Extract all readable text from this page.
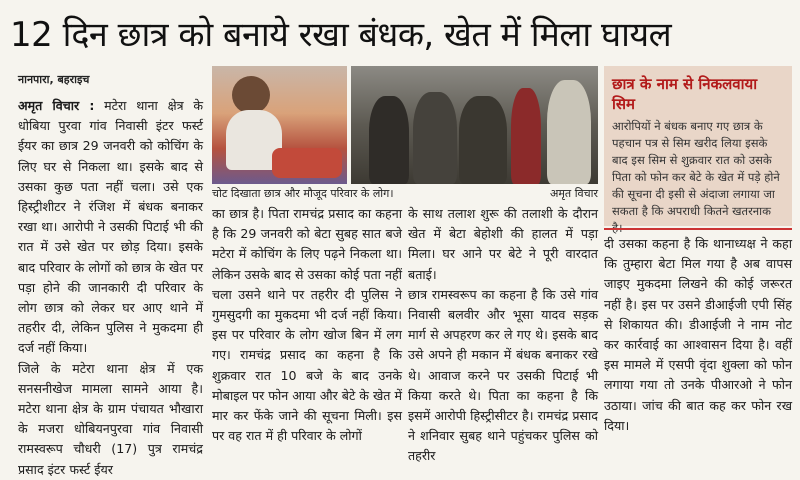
12 दिन छात्र को बनाये रखा बंधक, खेत में मिला घायल
नानपारा, बहराइच

अमृत विचार : मटेरा थाना क्षेत्र के धोबिया पुरवा गांव निवासी इंटर फर्स्ट ईयर का छात्र 29 जनवरी को कोचिंग के लिए घर से निकला था। इसके बाद से उसका कुछ पता नहीं चला। उसे एक हिस्ट्रीशीटर ने रंजिश में बंधक बनाकर रखा था। आरोपी ने उसकी पिटाई भी की रात में उसे खेत पर छोड़ दिया। इसके बाद परिवार के लोगों को छात्र के खेत पर पड़ा होने की जानकारी दी परिवार के लोग छात्र को लेकर घर आए थाने में तहरीर दी, लेकिन पुलिस ने मुकदमा ही दर्ज नहीं किया।

जिले के मटेरा थाना क्षेत्र में एक सनसनीखेज मामला सामने आया है। मटेरा थाना क्षेत्र के ग्राम पंचायत भौखारा के मजरा धोबियनपुरवा गांव निवासी रामस्वरूप चौधरी (17) पुत्र रामचंद्र प्रसाद इंटर फर्स्ट ईयर

चोट दिखाता छात्र और मौजूद परिवार के लोग।	अमृत विचार
छात्र के नाम से निकलवाया सिम

आरोपियों ने बंधक बनाए गए छात्र के पहचान पत्र से सिम खरीद लिया इसके बाद इस सिम से शुक्रवार रात को उसके पिता को फोन कर बेटे के खेत में पड़े होने की सूचना दी इसी से अंदाजा लगाया जा सकता है कि अपराधी कितने खतरनाक

का छात्र है। पिता रामचंद्र प्रसाद का कहना है कि 29 जनवरी को बेटा सुबह सात बजे मटेरा में कोचिंग के लिए पढ़ने निकला था। लेकिन उसके बाद से उसका कोई पता नहीं चला उसने थाने पर तहरीर दी पुलिस ने गुमसुदगी का मुकदमा भी दर्ज नहीं किया। इस पर परिवार के लोग खोज बिन में लग गए। रामचंद्र प्रसाद का कहना है कि शुक्रवार रात 10 बजे के बाद उनके मोबाइल पर फोन आया और बेटे के खेत में मार कर फेंके जाने की सूचना मिली। इस पर वह रात में ही परिवार के लोगों

के साथ तलाश शुरू की तलाशी के दौरान खेत में बेटा बेहोशी की हालत में पड़ा मिला। घर आने पर बेटे ने पूरी वारदात बताई।

छात्र रामस्वरूप का कहना है कि उसे गांव निवासी बलवीर और भूसा यादव सड़क मार्ग से अपहरण कर ले गए थे। इसके बाद उसे अपने ही मकान में बंधक बनाकर रखे थे। आवाज करने पर उसकी पिटाई भी किया करते थे। पिता का कहना है कि इसमें आरोपी हिस्ट्रीसीटर है। रामचंद्र प्रसाद ने शनिवार सुबह थाने पहुंचकर पुलिस को तहरीर

दी उसका कहना है कि थानाध्यक्ष ने कहा कि तुम्हारा बेटा मिल गया है अब वापस जाइए मुकदमा लिखने की कोई जरूरत नहीं है। इस पर उसने डीआईजी एपी सिंह से शिकायत की। डीआईजी ने नाम नोट कर कार्रवाई का आश्वासन दिया है। वहीं इस मामले में एसपी वृंदा शुक्ला को फोन लगाया गया तो उनके पीआरओ ने फोन उठाया। जांच की बात कह कर फोन रख दिया।
